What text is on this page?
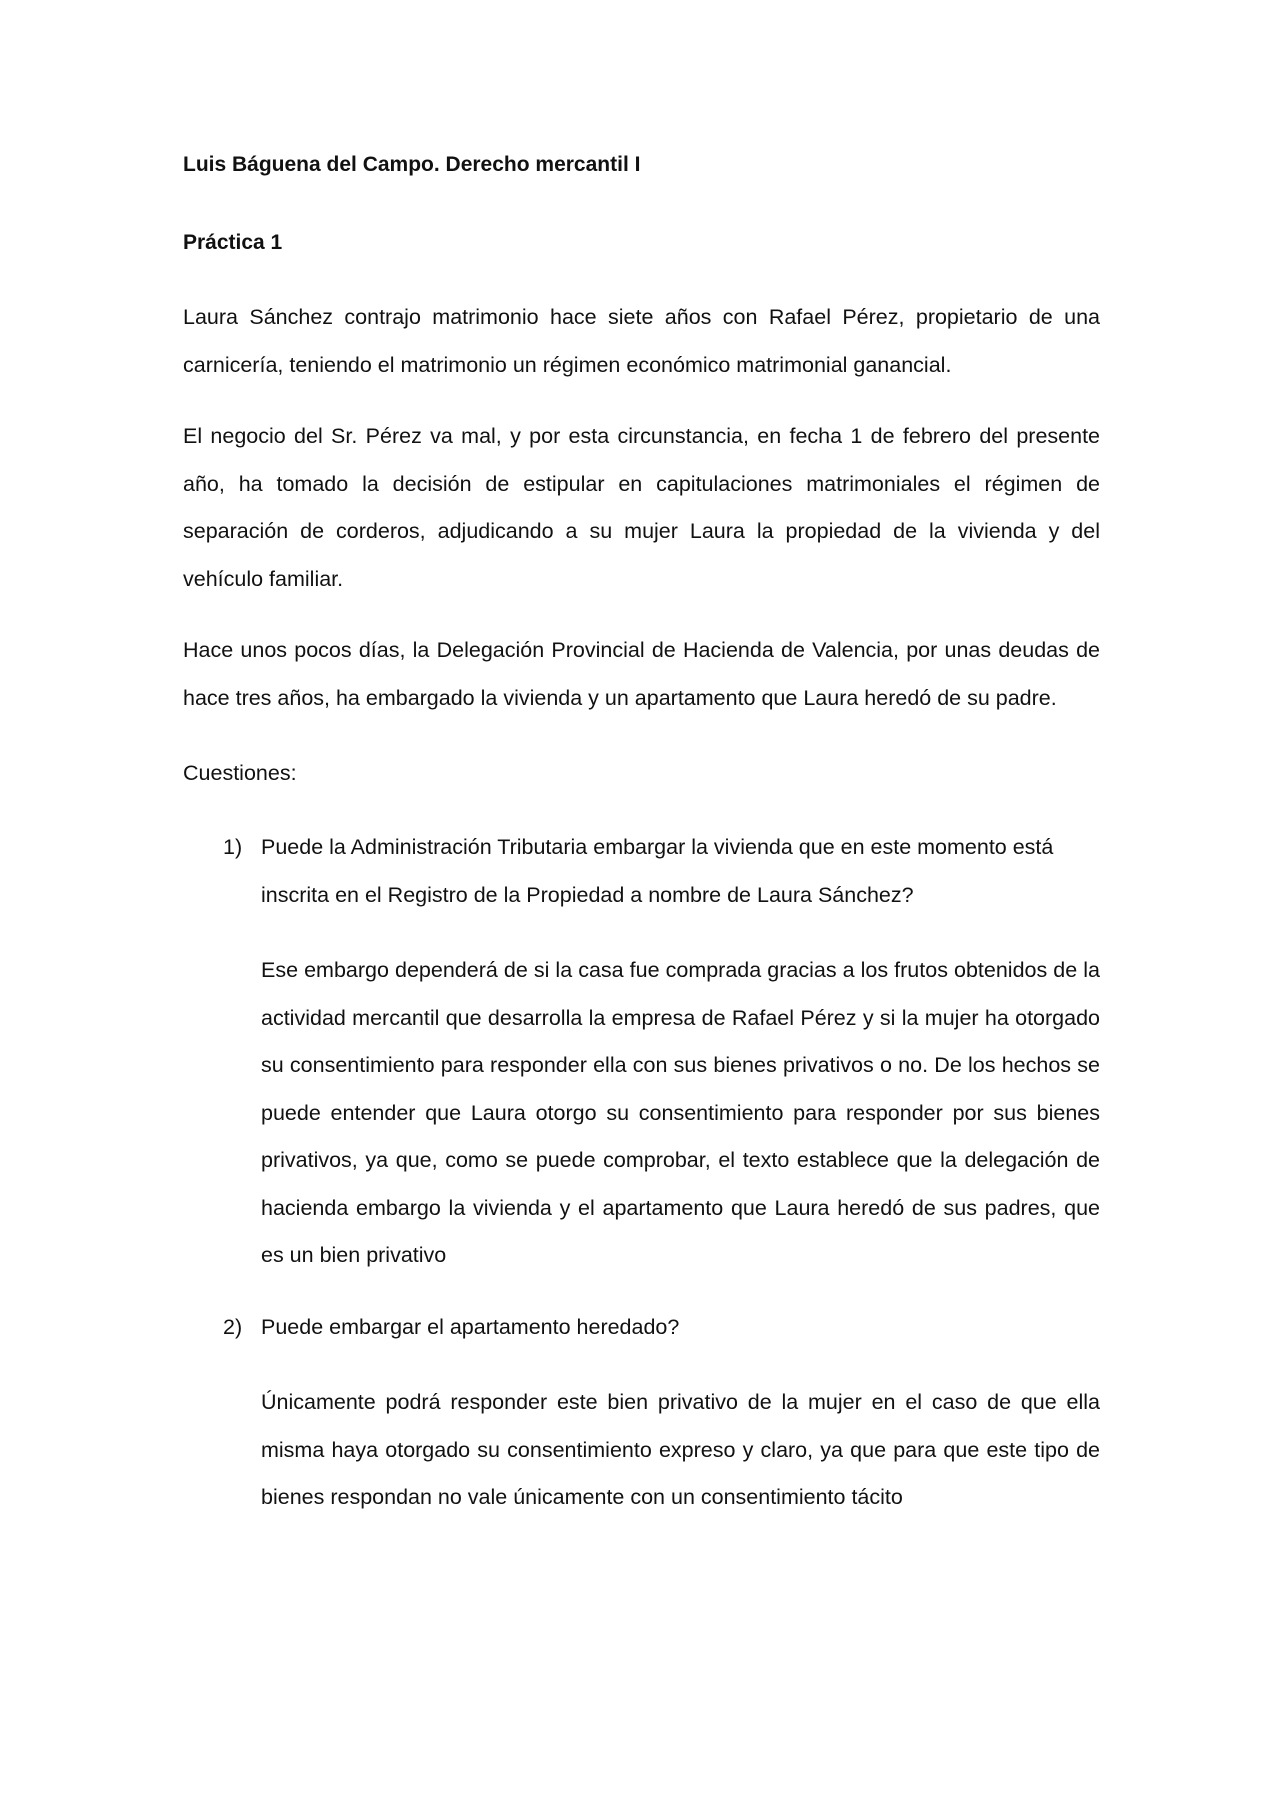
Luis Báguena del Campo. Derecho mercantil I

Práctica 1

Laura Sánchez contrajo matrimonio hace siete años con Rafael Pérez, propietario de una carnicería, teniendo el matrimonio un régimen económico matrimonial ganancial.

El negocio del Sr. Pérez va mal, y por esta circunstancia, en fecha 1 de febrero del presente año, ha tomado la decisión de estipular en capitulaciones matrimoniales el régimen de separación de corderos, adjudicando a su mujer Laura la propiedad de la vivienda y del vehículo familiar.

Hace unos pocos días, la Delegación Provincial de Hacienda de Valencia, por unas deudas de hace tres años, ha embargado la vivienda y un apartamento que Laura heredó de su padre.

Cuestiones:

1) Puede la Administración Tributaria embargar la vivienda que en este momento está inscrita en el Registro de la Propiedad a nombre de Laura Sánchez?

Ese embargo dependerá de si la casa fue comprada gracias a los frutos obtenidos de la actividad mercantil que desarrolla la empresa de Rafael Pérez y si la mujer ha otorgado su consentimiento para responder ella con sus bienes privativos o no. De los hechos se puede entender que Laura otorgo su consentimiento para responder por sus bienes privativos, ya que, como se puede comprobar, el texto establece que la delegación de hacienda embargo la vivienda y el apartamento que Laura heredó de sus padres, que es un bien privativo

2) Puede embargar el apartamento heredado?

Únicamente podrá responder este bien privativo de la mujer en el caso de que ella misma haya otorgado su consentimiento expreso y claro, ya que para que este tipo de bienes respondan no vale únicamente con un consentimiento tácito
